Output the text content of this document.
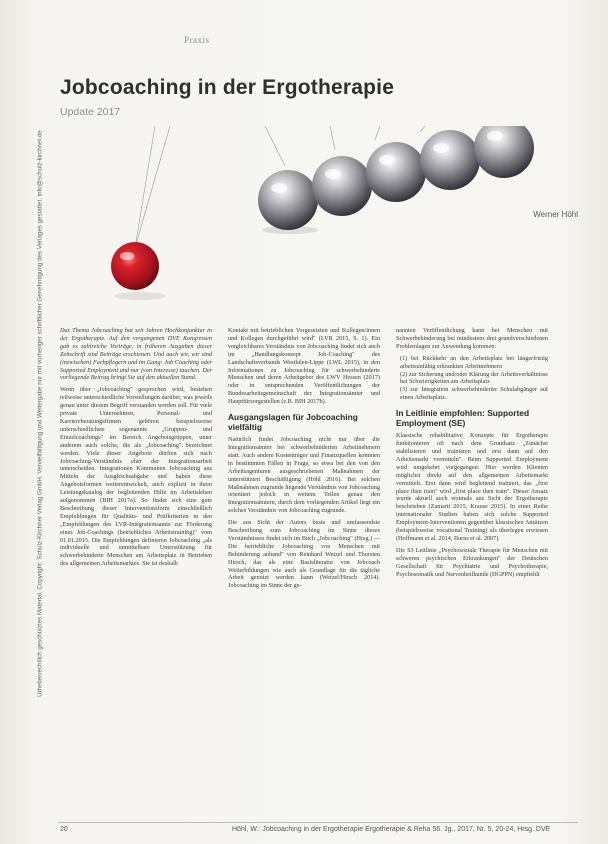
Urheberrechtlich geschütztes Material. Copyright: Schulz-Kirchner Verlag GmbH. Vervielfältigung und Weitergabe nur mit vorheriger schriftlicher Genehmigung des Verlages gestattet. info@schulz-kirchner.de
Praxis
Jobcoaching in der Ergotherapie
Update 2017
Werner Höhl

Das Thema Jobcoaching hat seit Jahren Hochkonjunktur in der Ergotherapie. Auf den vergangenen DVE Kongressen gab es zahlreiche Vorträge, in früheren Ausgaben dieser Zeitschrift sind Beiträge erschienen. Und auch wir, wir sind (inzwischen) Fachpflegern und im Gang: Job Coaching oder Supported Employment und nur (von Interesse) tauchen. Der vorliegende Beitrag bringt Sie auf den aktuellen Stand.

Wenn über „Jobcoaching" gesprochen wird, bestehen teilweise unterschiedliche Vorstellungen darüber, was jeweils genau unter diesem Begriff verstanden werden soll. Für viele private Unternehmen, Personal- und Karriereberatungsfirmen gehören beispielsweise unterschiedlichste sogenannte „Gruppen- und Einzelcoachings" im Bereich Angebotsgruppen, unter anderem auch solche, die als „Jobcoaching" bezeichnet werden. Viele dieser Angebote dürften sich nach Jobcoaching-Verständnis eher der Integrationsarbeit unterscheiden. Integrationen Kommunen Jobcoaching aus Mitteln der Ausgleichsabgabe und haben diese Angebotsformen weiterentwickelt, auch explizit in ihren Leistungskatalog der begleitenden Hilfe im Arbeitsleben aufgenommen (BIH 2017a). So findet sich eine gute Beschreibung dieser Interventionsform einschließlich Empfehlungen für Qualitäts- und Prüfkriterien in den „Empfehlungen des LVR-Integrationsamts zur Förderung eines Job-Coachings (betriebliches Arbeitstraining)" vom 01.01.2015. Die Empfehlungen definieren Jobcoaching „als individuelle und unmittelbare Unterstützung für schwerbehinderte Menschen am Arbeitsplatz in Betrieben des allgemeinen Arbeitsmarktes. Sie ist deshalb

Kontakt mit betrieblichen Vorgesetzten und Kollegen/innen und Kollegen durchgeführt wird" (LVR 2015, S. 1). Ein vergleichbares Verständnis von Jobcoaching findet sich auch im „Handlungskonzept Job-Coaching" des Landschaftsverbands Westfalen-Lippe (LWL 2015), in den Informationen zu Jobcoaching für schwerbehinderte Menschen und deren Arbeitgeber des LWV Hessen (2017) oder in entsprechenden Veröffentlichungen der Bundesarbeitsgemeinschaft der Integrationsämter und Hauptfürsorgestellen (z.B. BIH 2017b).

Ausgangslagen für Jobcoaching vielfältig

Natürlich findet Jobcoaching nicht nur über die Integrationsämter bei schwerbehinderten Arbeitnehmern statt. Auch andere Kostenträger und Finanzquellen kommen in bestimmten Fällen in Frage, so etwa bei den von den Arbeitsagenturen ausgeschriebenen Maßnahmen der unterstützten Beschäftigung (Höhl 2016). Bei solchen Maßnahmen zugrunde liegende Verständnis von Jobcoaching orientiert jedoch in weitem Teilen genau den Integrationsämtern, durch dem vorliegenden Artikel liegt ein solches Verständnis von Jobcoaching zugrunde.

Die aus Sicht der Autors beste und umfassendste Beschreibung zum Jobcoaching im Sinne dieses Verständnisses findet sich im Buch „Jobcoaching" (Hrsg.) — Die betriebliche Jobcoaching von Menschen mit Behinderung anhand" von Reinhard Wetzel und Thorsten Hirsch, das als eine Basisliteratur von Jobcoach Weiterbildungen wie auch als Grundlage für die tägliche Arbeit genutzt werden kann (Wetzel/Hirsch 2014). Jobcoaching im Sinne der ge-

nannten Veröffentlichung kann bei Menschen mit Schwerbehinderung bei mindestens drei grundverschiedenen Problemlagen zur Anwendung kommen:

(1) bei Rückkehr an den Arbeitsplatz bei längerfristig arbeitsunfähig erkrankten Arbeitnehmern
(2) zur Sicherung und/oder Klärung der Arbeitsverhältnisse bei Schwierigkeiten am Arbeitsplatz
(3) zur Integration schwerbehinderter Schulabgänger auf einen Arbeitsplatz.
In Leitlinie empfohlen: Supported Employment (SE)

Klassische rehabilitative Konzepte für Ergotherapie funktionieren oft nach dem Grundsatz „Zunächst stabilisieren und trainieren und erst dann auf den Arbeitsmarkt vermitteln". Beim Supported Employment wird umgekehrt vorgegangen: Hier werden Klienten möglichst direkt auf den allgemeinen Arbeitsmarkt vermittelt. Erst dann wird begleitend trainiert, das „first place then train" wird „first place then train". Dieser Ansatz wurde aktuell auch erstmals aus Sicht der Ergotherapie beschrieben (Zamarit 2015, Krause 2015). In einer Reihe internationaler Studien haben sich solche Supported Employment-Interventionen gegenüber klassischen Ansätzen (beispielsweise vocational Training) als überlegen erwiesen (Hoffmann et al. 2014, Burns et al. 2007).

Die S3 Leitlinie „Psychosoziale Therapie für Menschen mit schweren psychischen Erkrankungen" der Deutschen Gesellschaft für Psychiatrie und Psychotherapie, Psychosomatik und Nervenheilkunde (DGPPN) empfiehlt

20	Höhl, W.: Jobcoaching in der Ergotherapie Ergotherapie & Reha 56. Jg., 2017, Nr. 5, 20-24, Hrsg. DVE
